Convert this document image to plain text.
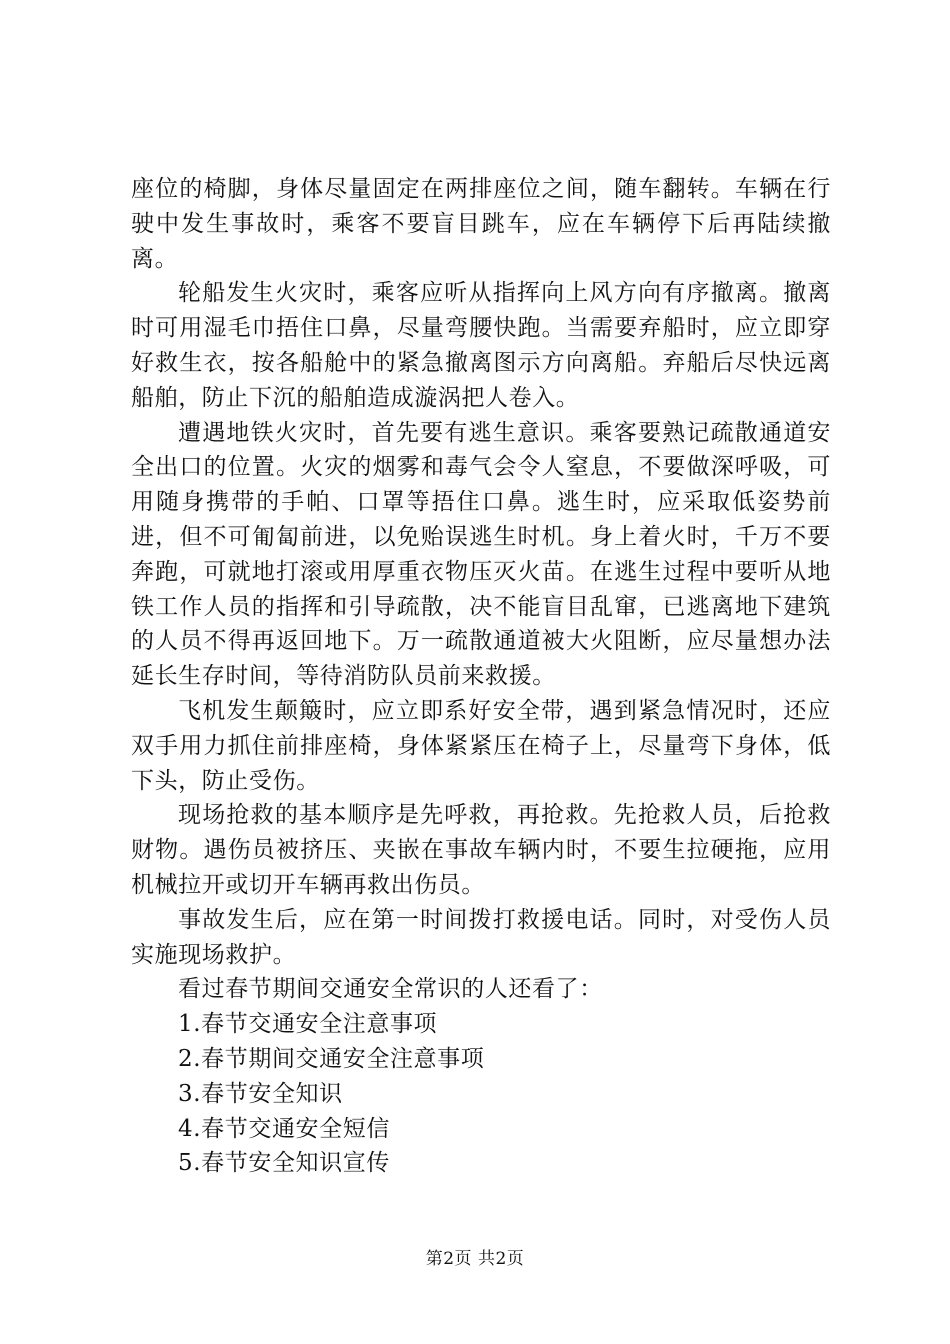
座位的椅脚，身体尽量固定在两排座位之间，随车翻转。车辆在行驶中发生事故时，乘客不要盲目跳车，应在车辆停下后再陆续撤离。

轮船发生火灾时，乘客应听从指挥向上风方向有序撤离。撤离时可用湿毛巾捂住口鼻，尽量弯腰快跑。当需要弃船时，应立即穿好救生衣，按各船舱中的紧急撤离图示方向离船。弃船后尽快远离船舶，防止下沉的船舶造成漩涡把人卷入。

遭遇地铁火灾时，首先要有逃生意识。乘客要熟记疏散通道安全出口的位置。火灾的烟雾和毒气会令人窒息，不要做深呼吸，可用随身携带的手帕、口罩等捂住口鼻。逃生时，应采取低姿势前进，但不可匍匐前进，以免贻误逃生时机。身上着火时，千万不要奔跑，可就地打滚或用厚重衣物压灭火苗。在逃生过程中要听从地铁工作人员的指挥和引导疏散，决不能盲目乱窜，已逃离地下建筑的人员不得再返回地下。万一疏散通道被大火阻断，应尽量想办法延长生存时间，等待消防队员前来救援。

飞机发生颠簸时，应立即系好安全带，遇到紧急情况时，还应双手用力抓住前排座椅，身体紧紧压在椅子上，尽量弯下身体，低下头，防止受伤。

现场抢救的基本顺序是先呼救，再抢救。先抢救人员，后抢救财物。遇伤员被挤压、夹嵌在事故车辆内时，不要生拉硬拖，应用机械拉开或切开车辆再救出伤员。

事故发生后，应在第一时间拨打救援电话。同时，对受伤人员实施现场救护。

看过春节期间交通安全常识的人还看了：
1.春节交通安全注意事项
2.春节期间交通安全注意事项
3.春节安全知识
4.春节交通安全短信
5.春节安全知识宣传
第2页 共2页
